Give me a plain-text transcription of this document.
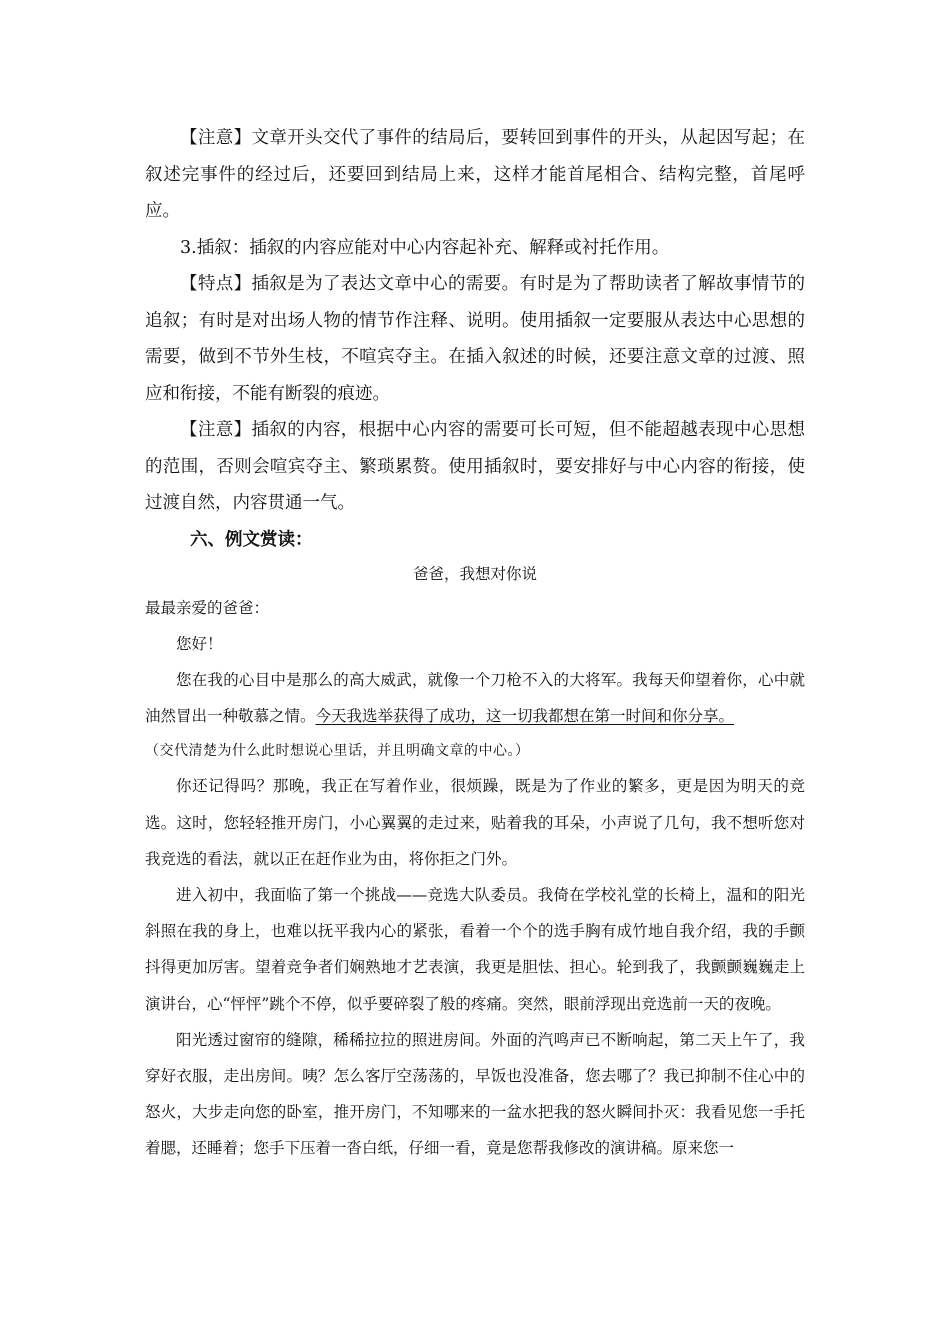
【注意】文章开头交代了事件的结局后，要转回到事件的开头，从起因写起；在叙述完事件的经过后，还要回到结局上来，这样才能首尾相合、结构完整，首尾呼应。

3.插叙：插叙的内容应能对中心内容起补充、解释或衬托作用。

【特点】插叙是为了表达文章中心的需要。有时是为了帮助读者了解故事情节的追叙；有时是对出场人物的情节作注释、说明。使用插叙一定要服从表达中心思想的需要，做到不节外生枝，不喧宾夺主。在插入叙述的时候，还要注意文章的过渡、照应和衔接，不能有断裂的痕迹。

【注意】插叙的内容，根据中心内容的需要可长可短，但不能超越表现中心思想的范围，否则会喧宾夺主、繁琐累赘。使用插叙时，要安排好与中心内容的衔接，使过渡自然，内容贯通一气。

六、例文赏读：

爸爸，我想对你说

最最亲爱的爸爸：

您好！

您在我的心目中是那么的高大威武，就像一个刀枪不入的大将军。我每天仰望着你，心中就油然冒出一种敬慕之情。今天我选举获得了成功，这一切我都想在第一时间和你分享。

（交代清楚为什么此时想说心里话，并且明确文章的中心。）

你还记得吗？那晚，我正在写着作业，很烦躁，既是为了作业的繁多，更是因为明天的竞选。这时，您轻轻推开房门，小心翼翼的走过来，贴着我的耳朵，小声说了几句，我不想听您对我竞选的看法，就以正在赶作业为由，将你拒之门外。

进入初中，我面临了第一个挑战——竞选大队委员。我倚在学校礼堂的长椅上，温和的阳光斜照在我的身上，也难以抚平我内心的紧张，看着一个个的选手胸有成竹地自我介绍，我的手颤抖得更加厉害。望着竞争者们娴熟地才艺表演，我更是胆怯、担心。轮到我了，我颤颤巍巍走上演讲台，心“怦怦”跳个不停，似乎要碎裂了般的疼痛。突然，眼前浮现出竞选前一天的夜晚。

阳光透过窗帘的缝隙，稀稀拉拉的照进房间。外面的汽鸣声已不断响起，第二天上午了，我穿好衣服，走出房间。咦？怎么客厅空荡荡的，早饭也没准备，您去哪了？我已抑制不住心中的怒火，大步走向您的卧室，推开房门，不知哪来的一盆水把我的怒火瞬间扑灭：我看见您一手托着腮，还睡着；您手下压着一沓白纸，仔细一看，竟是您帮我修改的演讲稿。原来您一
